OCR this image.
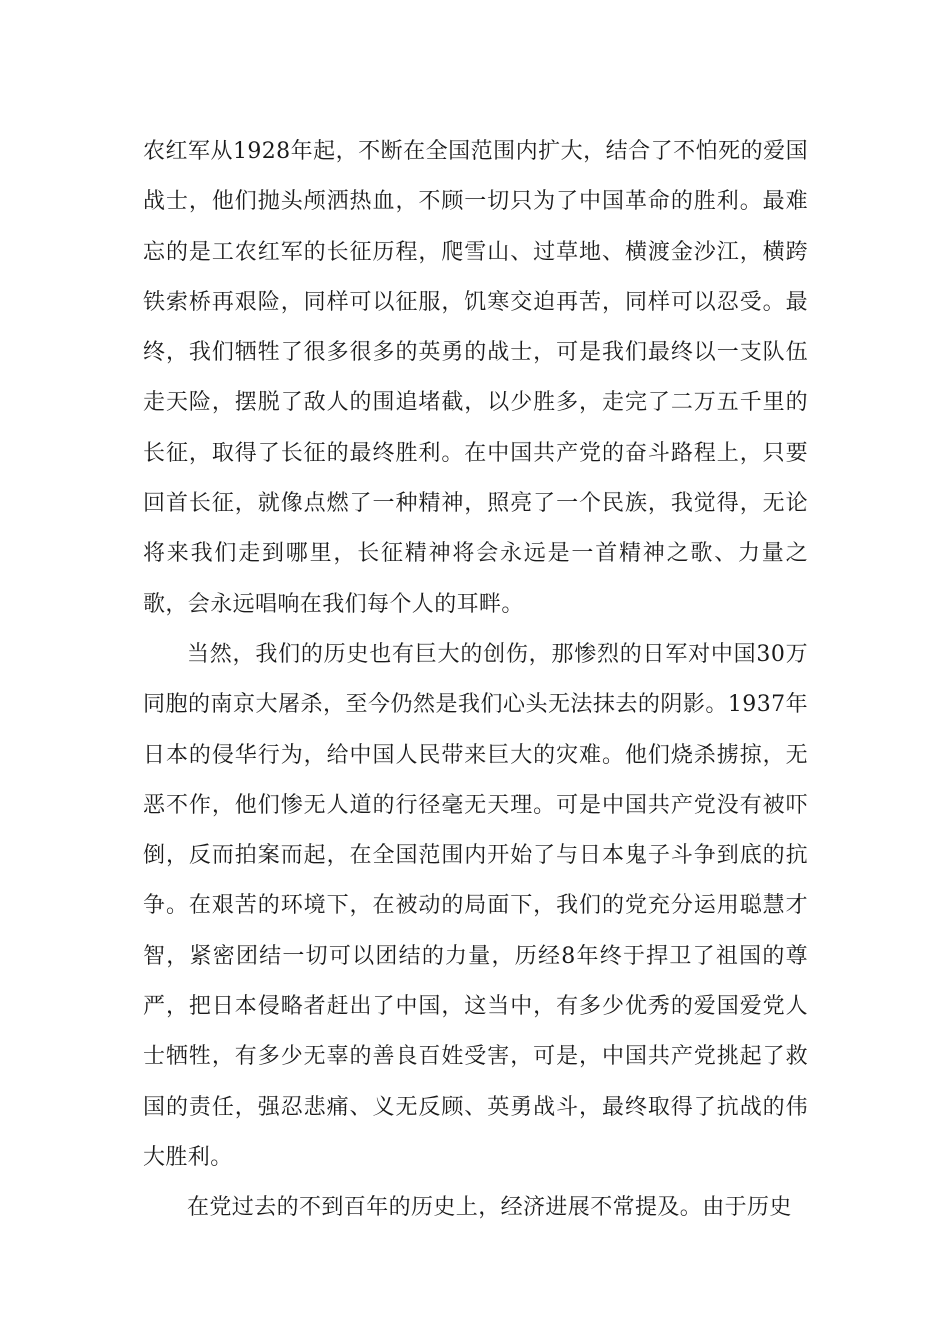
农红军从1928年起，不断在全国范围内扩大，结合了不怕死的爱国战士，他们抛头颅洒热血，不顾一切只为了中国革命的胜利。最难忘的是工农红军的长征历程，爬雪山、过草地、横渡金沙江，横跨铁索桥再艰险，同样可以征服，饥寒交迫再苦，同样可以忍受。最终，我们牺牲了很多很多的英勇的战士，可是我们最终以一支队伍走天险，摆脱了敌人的围追堵截，以少胜多，走完了二万五千里的长征，取得了长征的最终胜利。在中国共产党的奋斗路程上，只要回首长征，就像点燃了一种精神，照亮了一个民族，我觉得，无论将来我们走到哪里，长征精神将会永远是一首精神之歌、力量之歌，会永远唱响在我们每个人的耳畔。

当然，我们的历史也有巨大的创伤，那惨烈的日军对中国30万同胞的南京大屠杀，至今仍然是我们心头无法抹去的阴影。1937年日本的侵华行为，给中国人民带来巨大的灾难。他们烧杀掳掠，无恶不作，他们惨无人道的行径毫无天理。可是中国共产党没有被吓倒，反而拍案而起，在全国范围内开始了与日本鬼子斗争到底的抗争。在艰苦的环境下，在被动的局面下，我们的党充分运用聪慧才智，紧密团结一切可以团结的力量，历经8年终于捍卫了祖国的尊严，把日本侵略者赶出了中国，这当中，有多少优秀的爱国爱党人士牺牲，有多少无辜的善良百姓受害，可是，中国共产党挑起了救国的责任，强忍悲痛、义无反顾、英勇战斗，最终取得了抗战的伟大胜利。

在党过去的不到百年的历史上，经济进展不常提及。由于历史
